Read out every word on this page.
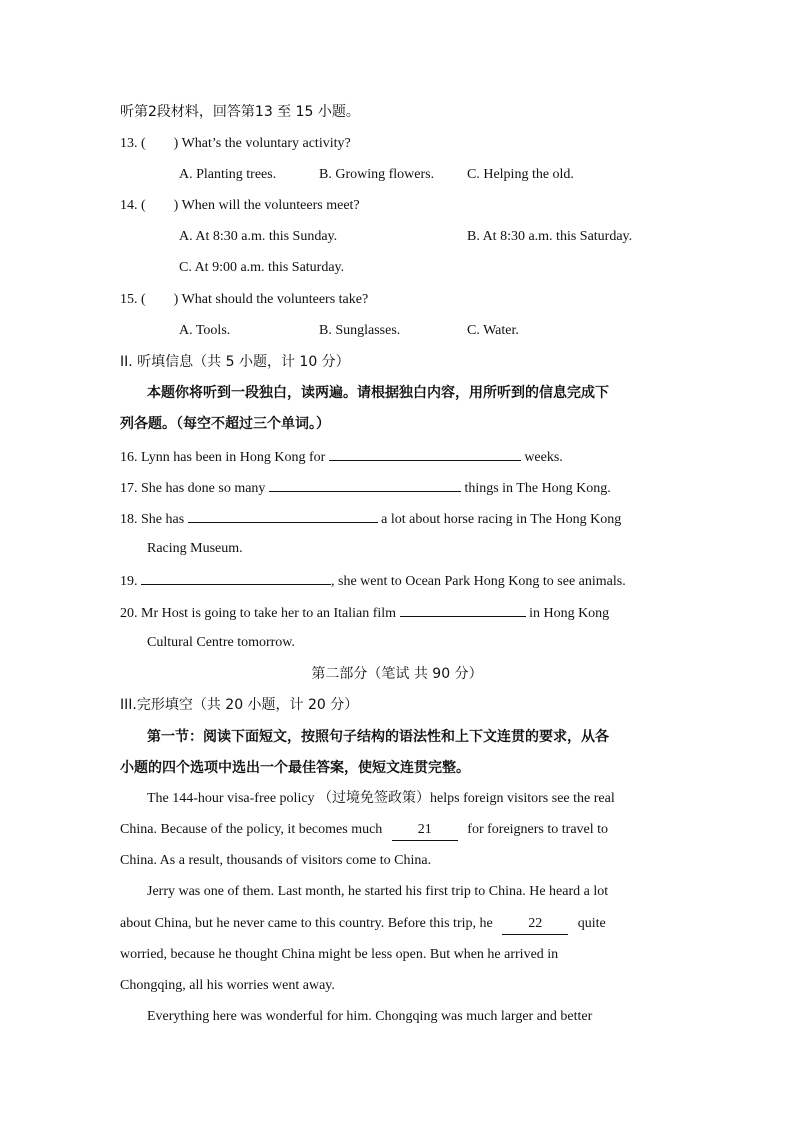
听第2段材料，回答第13 至 15 小题。
13. ( ) What’s the voluntary activity?
A. Planting trees.	B. Growing flowers. C. Helping the old.
14. ( ) When will the volunteers meet?
A. At 8:30 a.m. this Sunday.	B. At 8:30 a.m. this Saturday.
C. At 9:00 a.m. this Saturday.
15. ( ) What should the volunteers take?
A. Tools.	B. Sunglasses.	C. Water.
II. 听填信息（共 5 小题，计 10 分）
本题你将听到一段独白，读两遍。请根据独白内容，用所听到的信息完成下
列各题。（每空不超过三个单词。）
16. Lynn has been in Hong Kong for	weeks.
17. She has done so many	things in The Hong Kong.
18. She has	a lot about horse racing in The Hong Kong
Racing Museum.
19.	, she went to Ocean Park Hong Kong to see animals.
20. Mr Host is going to take her to an Italian film	in Hong Kong
Cultural Centre tomorrow.
第二部分（笔试 共 90 分）
III.完形填空（共 20 小题，计 20 分）
第一节：阅读下面短文，按照句子结构的语法性和上下文连贯的要求，从各
小题的四个选项中选出一个最佳答案，使短文连贯完整。
The 144-hour visa-free policy （过境免签政策）helps foreign visitors see the real
China. Because of the policy, it becomes much	21	for foreigners to travel to
China. As a result, thousands of visitors come to China.
Jerry was one of them. Last month, he started his first trip to China. He heard a lot
about China, but he never came to this country. Before this trip, he	22	quite
worried, because he thought China might be less open. But when he arrived in
Chongqing, all his worries went away.
Everything here was wonderful for him. Chongqing was much larger and better
